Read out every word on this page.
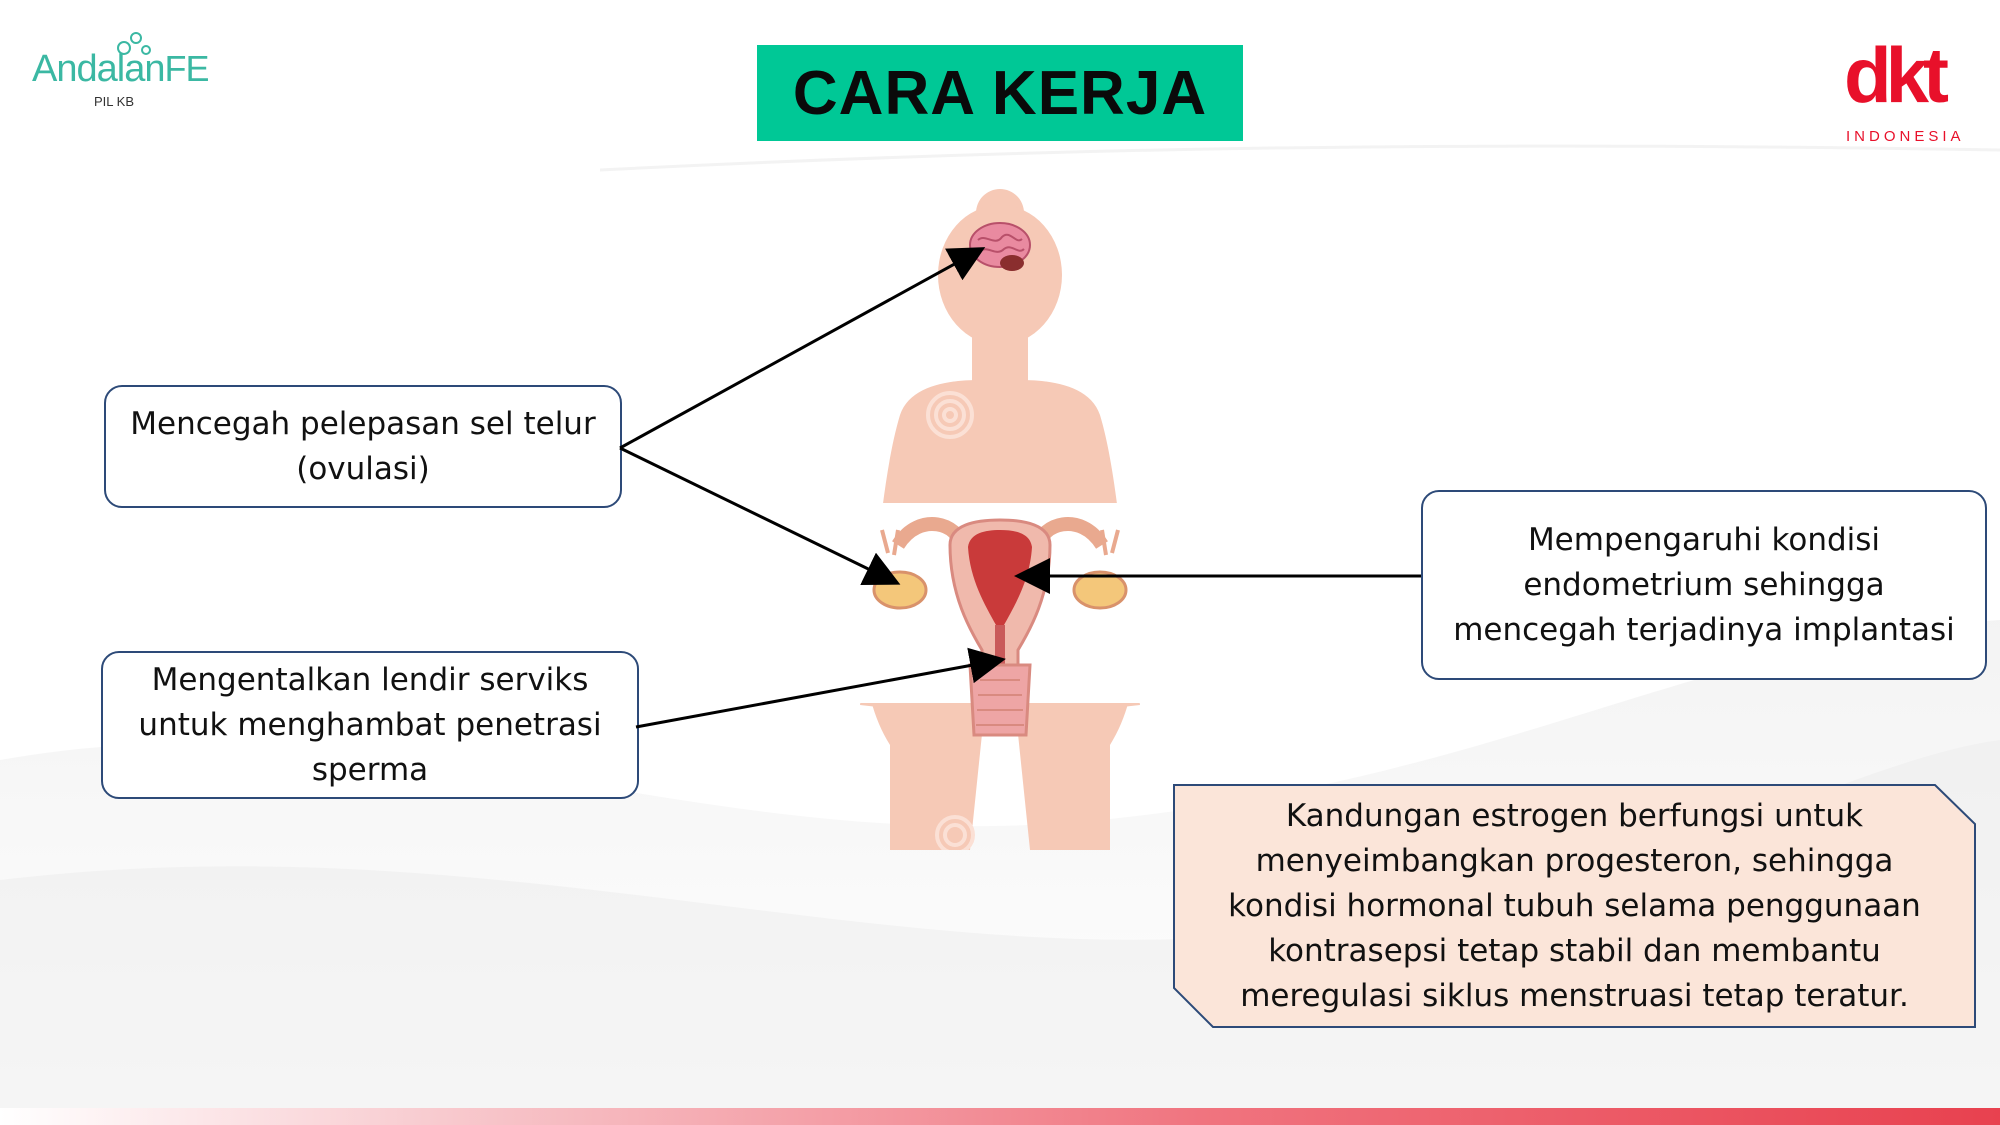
AndalanFE
PIL KB	CARA KERJA	dkt
INDONESIA
Mencegah pelepasan sel telur
(ovulasi)
Mengentalkan lendir serviks
untuk menghambat penetrasi
sperma
Mempengaruhi kondisi
endometrium sehingga
mencegah terjadinya implantasi
Kandungan estrogen berfungsi untuk
menyeimbangkan progesteron, sehingga
kondisi hormonal tubuh selama penggunaan
kontrasepsi tetap stabil dan membantu
meregulasi siklus menstruasi tetap teratur.
